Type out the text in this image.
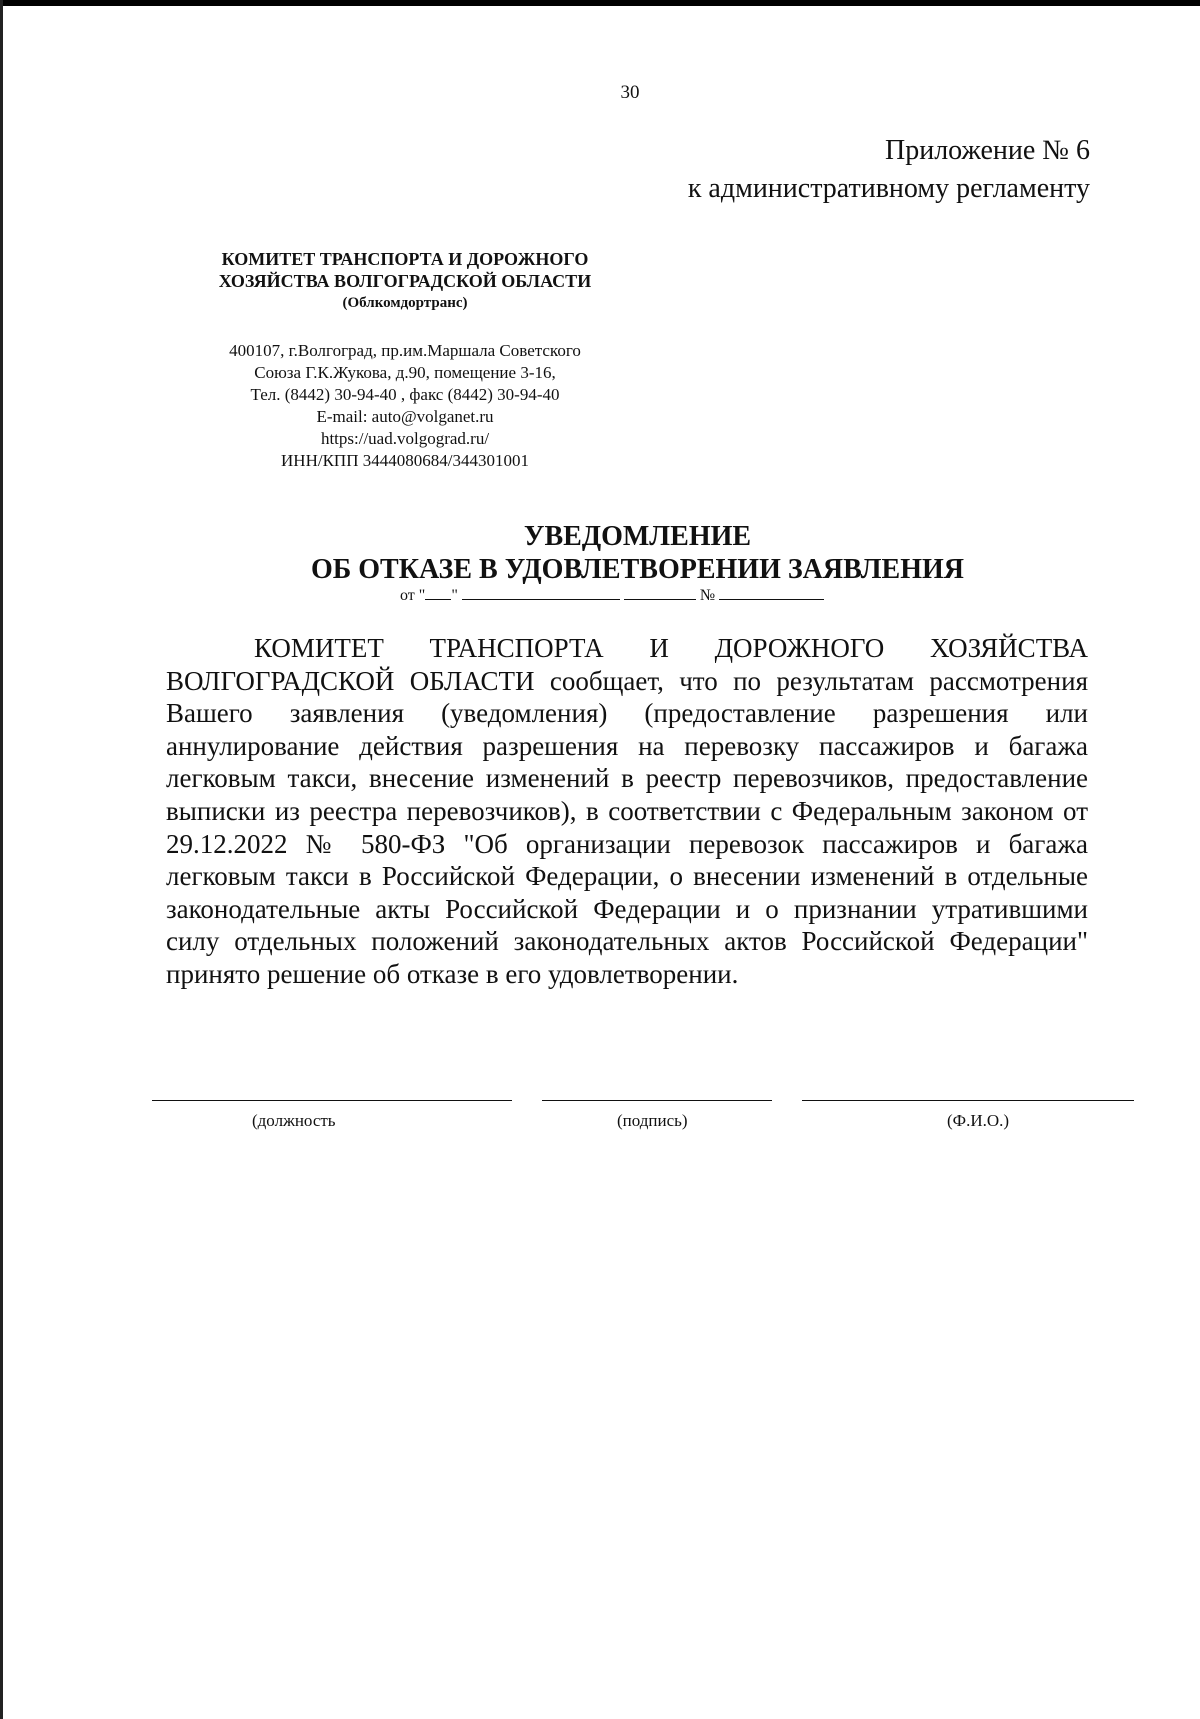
30
Приложение № 6
к административному регламенту
КОМИТЕТ ТРАНСПОРТА И ДОРОЖНОГО
ХОЗЯЙСТВА ВОЛГОГРАДСКОЙ ОБЛАСТИ
(Облкомдортранс)
400107, г.Волгоград, пр.им.Маршала Советского
Союза Г.К.Жукова, д.90, помещение 3-16,
Тел. (8442) 30-94-40 , факс (8442) 30-94-40
E-mail: auto@volganet.ru
https://uad.volgograd.ru/
ИНН/КПП 3444080684/344301001
УВЕДОМЛЕНИЕ
ОБ ОТКАЗЕ В УДОВЛЕТВОРЕНИИ ЗАЯВЛЕНИЯ
от " "	№

КОМИТЕТ ТРАНСПОРТА И ДОРОЖНОГО ХОЗЯЙСТВА ВОЛГОГРАДСКОЙ ОБЛАСТИ сообщает, что по результатам рассмотрения Вашего заявления (уведомления) (предоставление разрешения или аннулирование действия разрешения на перевозку пассажиров и багажа легковым такси, внесение изменений в реестр перевозчиков, предоставление выписки из реестра перевозчиков), в соответствии с Федеральным законом от 29.12.2022 № 580-ФЗ "Об организации перевозок пассажиров и багажа легковым такси в Российской Федерации, о внесении изменений в отдельные законодательные акты Российской Федерации и о признании утратившими силу отдельных положений законодательных актов Российской Федерации" принято решение об отказе в его удовлетворении.

(должность	(подпись)	(Ф.И.О.)
